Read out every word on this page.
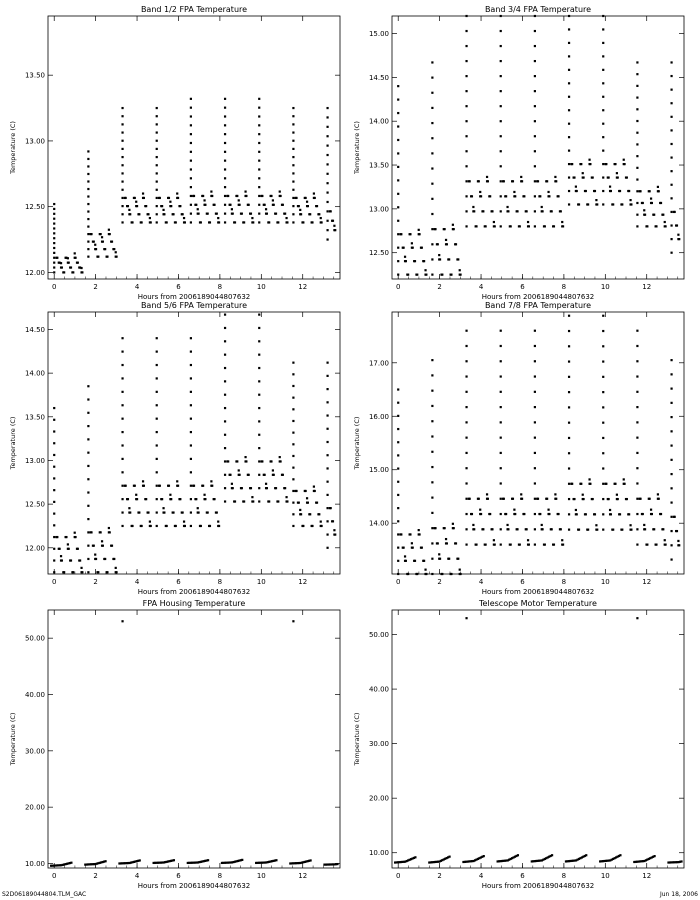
Band 1/2 FPA Temperature
0	2	4	6	8	10	12
12.00
12.50
13.00
13.50
Hours from 2006189044807632
Temperature (C)
Band 3/4 FPA Temperature
0	2	4	6	8	10	12
12.50
13.00
13.50
14.00
14.50
15.00
Hours from 2006189044807632
Temperature (C)
Band 5/6 FPA Temperature
0	2	4	6	8	10	12
12.00
12.50
13.00
13.50
14.00
14.50
Hours from 2006189044807632
Temperature (C)
Band 7/8 FPA Temperature
0	2	4	6	8	10	12
14.00
15.00
16.00
17.00
Hours from 2006189044807632
Temperature (C)
FPA Housing Temperature
0	2	4	6	8	10	12
10.00
20.00
30.00
40.00
50.00
Hours from 2006189044807632
Temperature (C)
Telescope Motor Temperature
0	2	4	6	8	10	12
10.00
20.00
30.00
40.00
50.00
Hours from 2006189044807632
Temperature (C)
S2D06189044804.TLM_GAC	Jun 18, 2006
